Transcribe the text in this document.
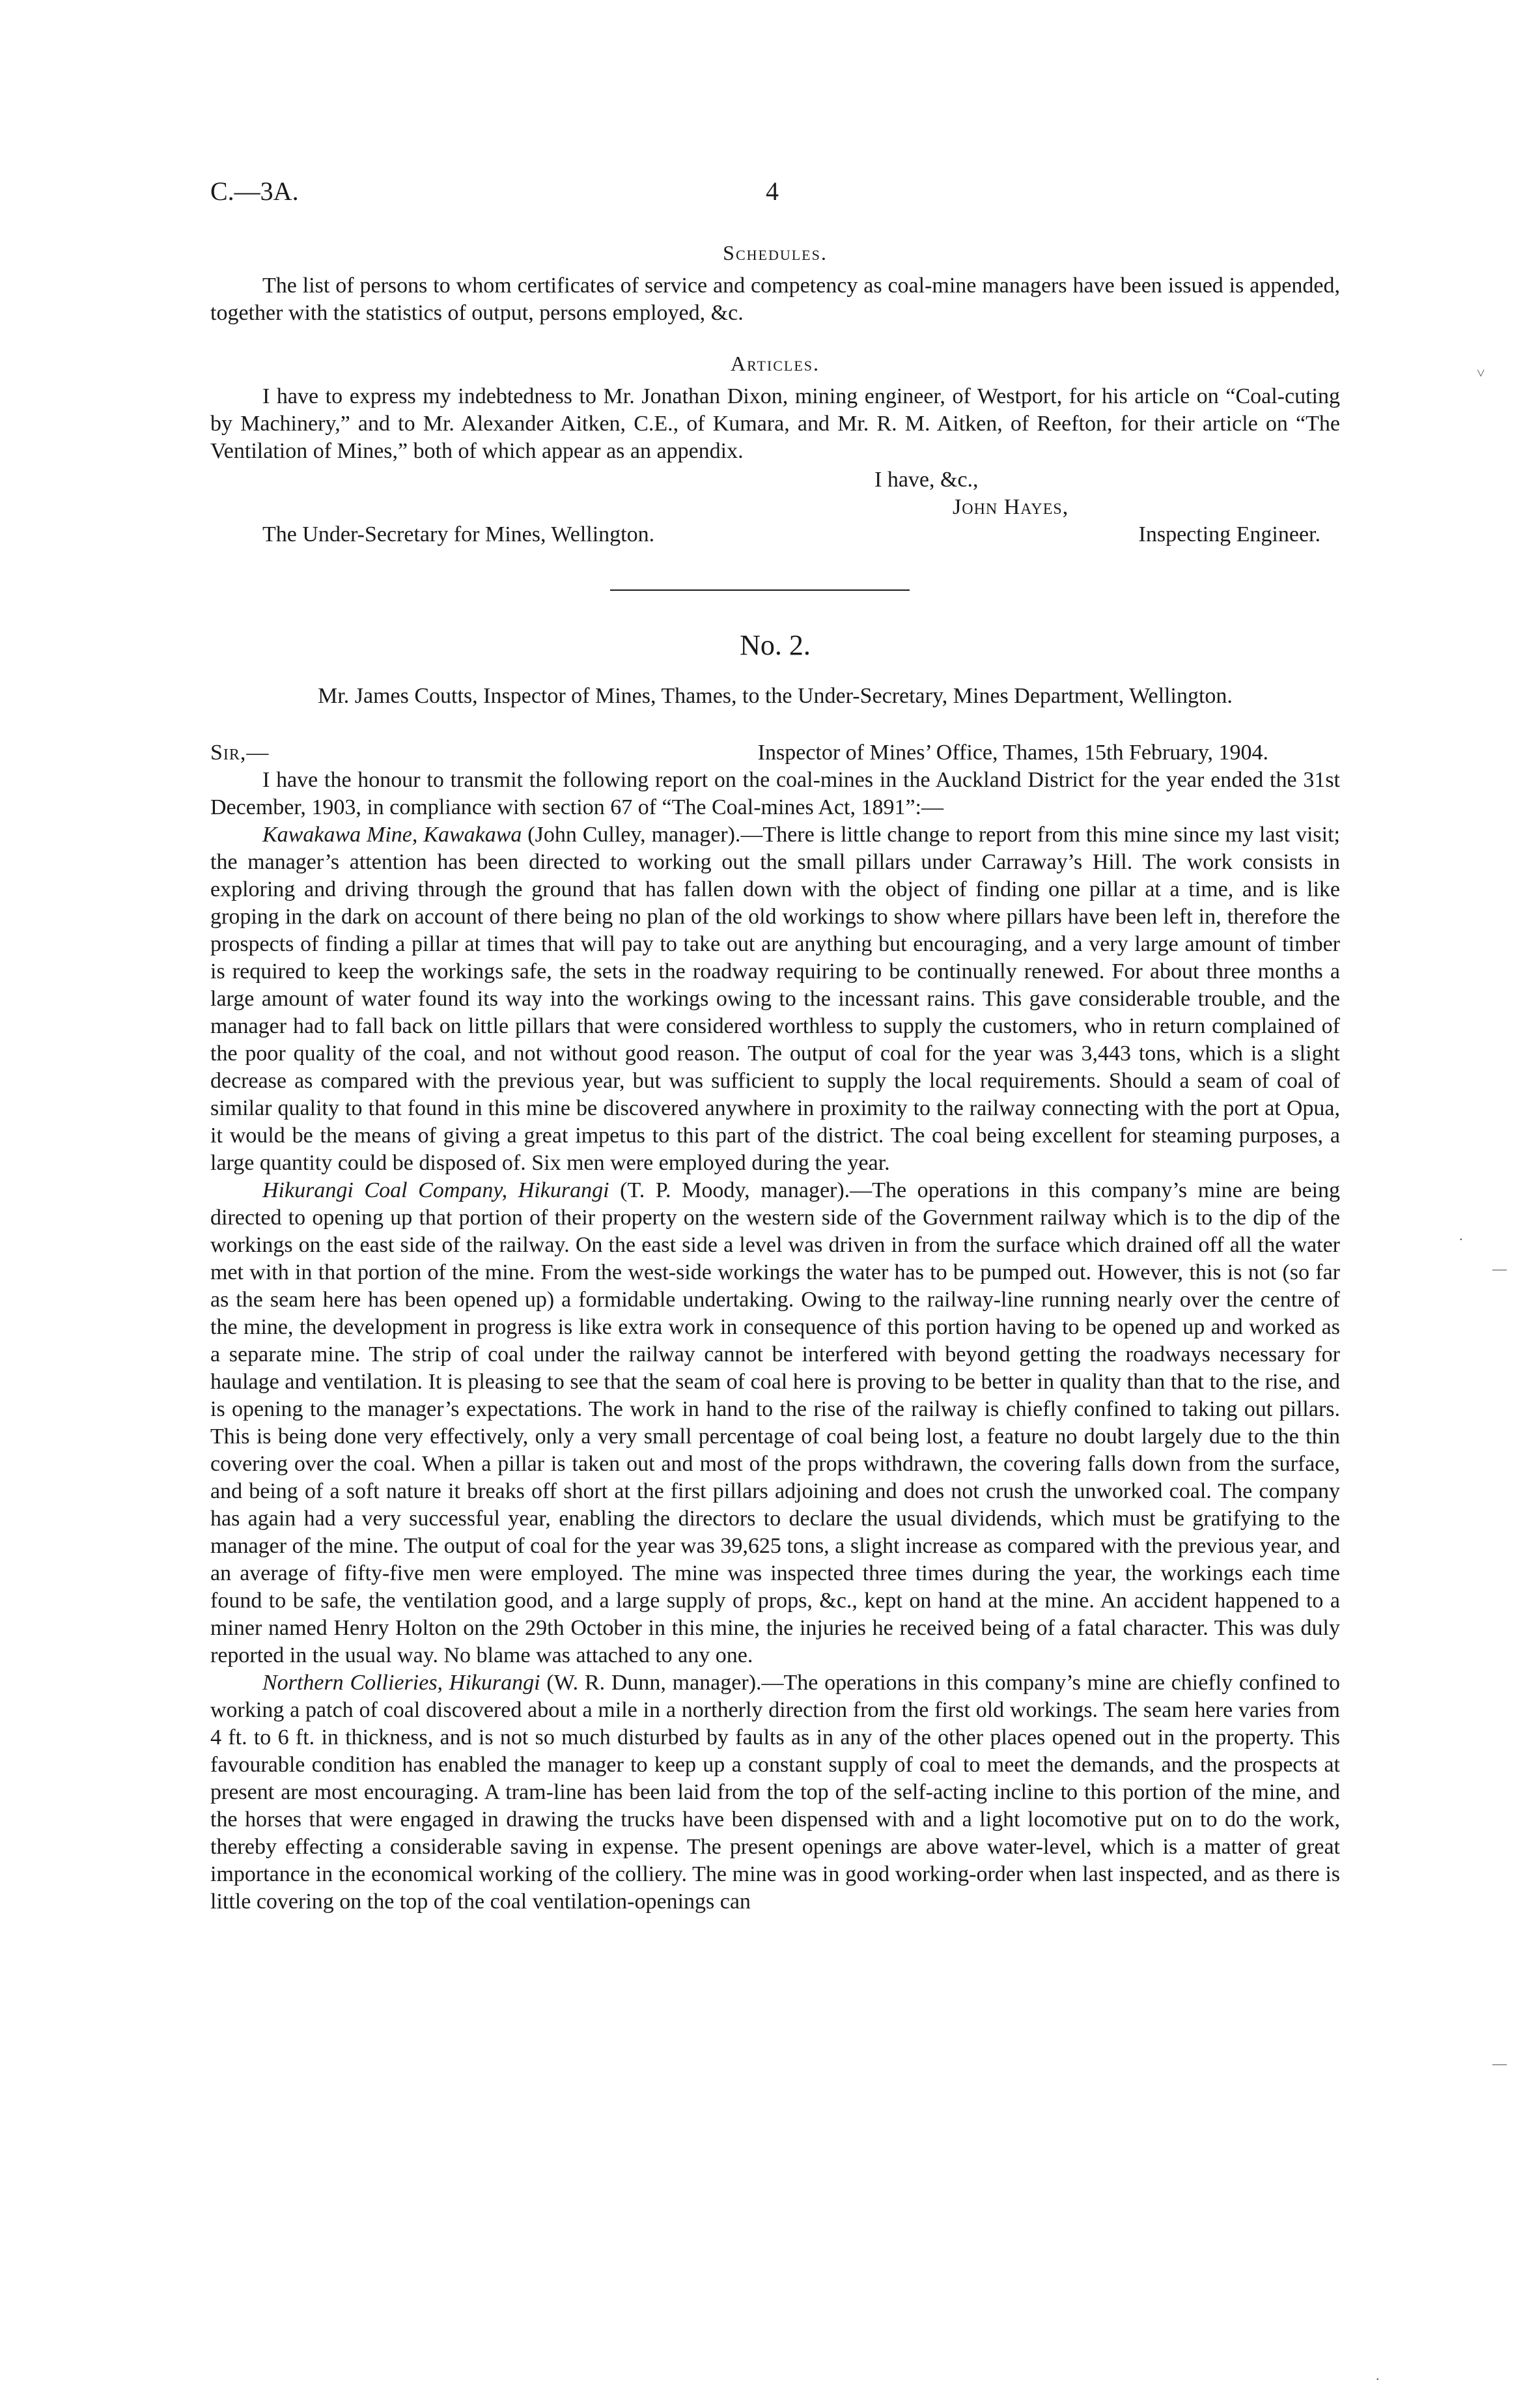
C.—3A.	4
Schedules.

The list of persons to whom certificates of service and competency as coal-mine managers have been issued is appended, together with the statistics of output, persons employed, &c.

Articles.

I have to express my indebtedness to Mr. Jonathan Dixon, mining engineer, of Westport, for his article on “Coal-cuting by Machinery,” and to Mr. Alexander Aitken, C.E., of Kumara, and Mr. R. M. Aitken, of Reefton, for their article on “The Ventilation of Mines,” both of which appear as an appendix.

I have, &c.,

John Hayes,

The Under-Secretary for Mines, Wellington.	Inspecting Engineer.
No. 2.
Mr. James Coutts, Inspector of Mines, Thames, to the Under-Secretary, Mines Department, Wellington.
Sir,—	Inspector of Mines’ Office, Thames, 15th February, 1904.

I have the honour to transmit the following report on the coal-mines in the Auckland District for the year ended the 31st December, 1903, in compliance with section 67 of “The Coal-mines Act, 1891”:—

Kawakawa Mine, Kawakawa (John Culley, manager).—There is little change to report from this mine since my last visit; the manager’s attention has been directed to working out the small pillars under Carraway’s Hill. The work consists in exploring and driving through the ground that has fallen down with the object of finding one pillar at a time, and is like groping in the dark on account of there being no plan of the old workings to show where pillars have been left in, therefore the prospects of finding a pillar at times that will pay to take out are anything but encouraging, and a very large amount of timber is required to keep the workings safe, the sets in the roadway requiring to be continually renewed. For about three months a large amount of water found its way into the workings owing to the incessant rains. This gave considerable trouble, and the manager had to fall back on little pillars that were considered worthless to supply the customers, who in return complained of the poor quality of the coal, and not without good reason. The output of coal for the year was 3,443 tons, which is a slight decrease as compared with the previous year, but was sufficient to supply the local requirements. Should a seam of coal of similar quality to that found in this mine be discovered anywhere in proximity to the railway connecting with the port at Opua, it would be the means of giving a great impetus to this part of the district. The coal being excellent for steaming purposes, a large quantity could be disposed of. Six men were employed during the year.

Hikurangi Coal Company, Hikurangi (T. P. Moody, manager).—The operations in this company’s mine are being directed to opening up that portion of their property on the western side of the Government railway which is to the dip of the workings on the east side of the railway. On the east side a level was driven in from the surface which drained off all the water met with in that portion of the mine. From the west-side workings the water has to be pumped out. However, this is not (so far as the seam here has been opened up) a formidable undertaking. Owing to the railway-line running nearly over the centre of the mine, the development in progress is like extra work in consequence of this portion having to be opened up and worked as a separate mine. The strip of coal under the railway cannot be interfered with beyond getting the roadways necessary for haulage and ventilation. It is pleasing to see that the seam of coal here is proving to be better in quality than that to the rise, and is opening to the manager’s expectations. The work in hand to the rise of the railway is chiefly confined to taking out pillars. This is being done very effectively, only a very small percentage of coal being lost, a feature no doubt largely due to the thin covering over the coal. When a pillar is taken out and most of the props withdrawn, the covering falls down from the surface, and being of a soft nature it breaks off short at the first pillars adjoining and does not crush the unworked coal. The company has again had a very successful year, enabling the directors to declare the usual dividends, which must be gratifying to the manager of the mine. The output of coal for the year was 39,625 tons, a slight increase as compared with the previous year, and an average of fifty-five men were employed. The mine was inspected three times during the year, the workings each time found to be safe, the ventilation good, and a large supply of props, &c., kept on hand at the mine. An accident happened to a miner named Henry Holton on the 29th October in this mine, the injuries he received being of a fatal character. This was duly reported in the usual way. No blame was attached to any one.

Northern Collieries, Hikurangi (W. R. Dunn, manager).—The operations in this company’s mine are chiefly confined to working a patch of coal discovered about a mile in a northerly direction from the first old workings. The seam here varies from 4 ft. to 6 ft. in thickness, and is not so much disturbed by faults as in any of the other places opened out in the property. This favourable condition has enabled the manager to keep up a constant supply of coal to meet the demands, and the prospects at present are most encouraging. A tram-line has been laid from the top of the self-acting incline to this portion of the mine, and the horses that were engaged in drawing the trucks have been dispensed with and a light locomotive put on to do the work, thereby effecting a considerable saving in expense. The present openings are above water-level, which is a matter of great importance in the economical working of the colliery. The mine was in good working-order when last inspected, and as there is little covering on the top of the coal ventilation-openings can

˅
—
·
—
·
